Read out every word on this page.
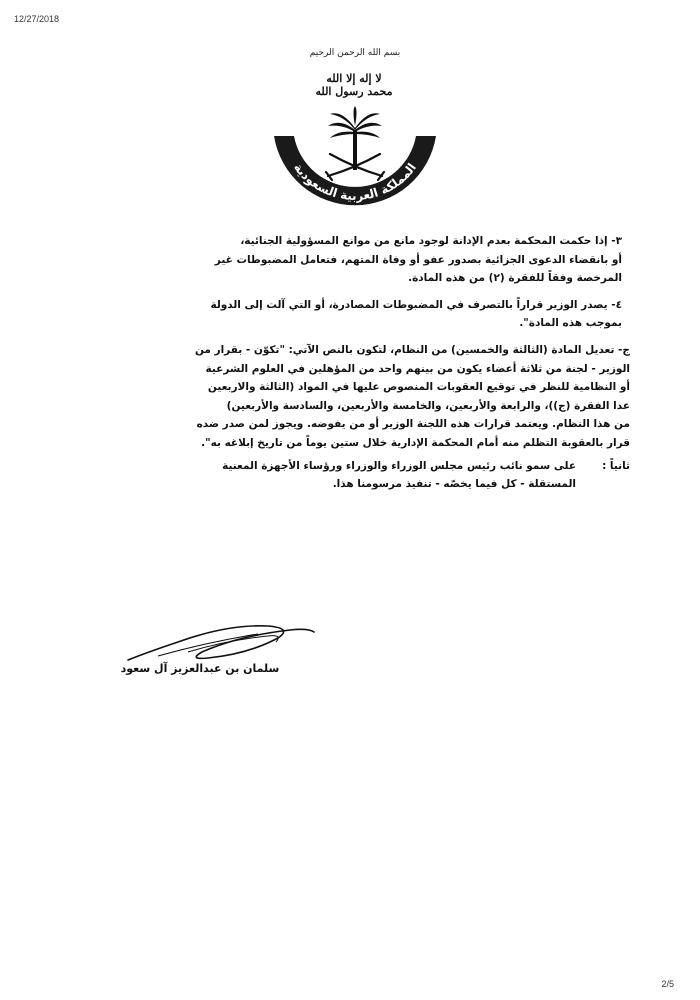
12/27/2018
بسم الله الرحمن الرحيم
لا إله إلا الله محمد رسول الله
المملكة العربية السعودية

٣- إذا حكمت المحكمة بعدم الإدانة لوجود مانع من موانع المسؤولية الجنائية،

أو بانقضاء الدعوى الجزائية بصدور عفو أو وفاة المتهم، فتعامل المضبوطات غير

المرخصة وفقاً للفقرة (٢) من هذه المادة.

٤- يصدر الوزير قراراً بالتصرف في المضبوطات المصادرة، أو التي آلت إلى الدولة

بموجب هذه المادة".

ج- تعديل المادة (الثالثة والخمسين) من النظام، لتكون بالنص الآتي: "تكوّن - بقرار من

الوزير - لجنة من ثلاثة أعضاء يكون من بينهم واحد من المؤهلين في العلوم الشرعية

أو النظامية للنظر في توقيع العقوبات المنصوص عليها في المواد (الثالثة والاربعين

عدا الفقرة (ج))، والرابعة والأربعين، والخامسة والأربعين، والسادسة والأربعين)

من هذا النظام. ويعتمد قرارات هذه اللجنة الوزير أو من يفوضه. ويجوز لمن صدر ضده

قرار بالعقوبة التظلم منه أمام المحكمة الإدارية خلال ستين يوماً من تاريخ إبلاغه به".

ثانياً :

على سمو نائب رئيس مجلس الوزراء والوزراء ورؤساء الأجهزة المعنية

المستقلة - كل فيما يخصّه - تنفيذ مرسومنا هذا.

سلمان بن عبدالعزيز آل سعود
2/5
